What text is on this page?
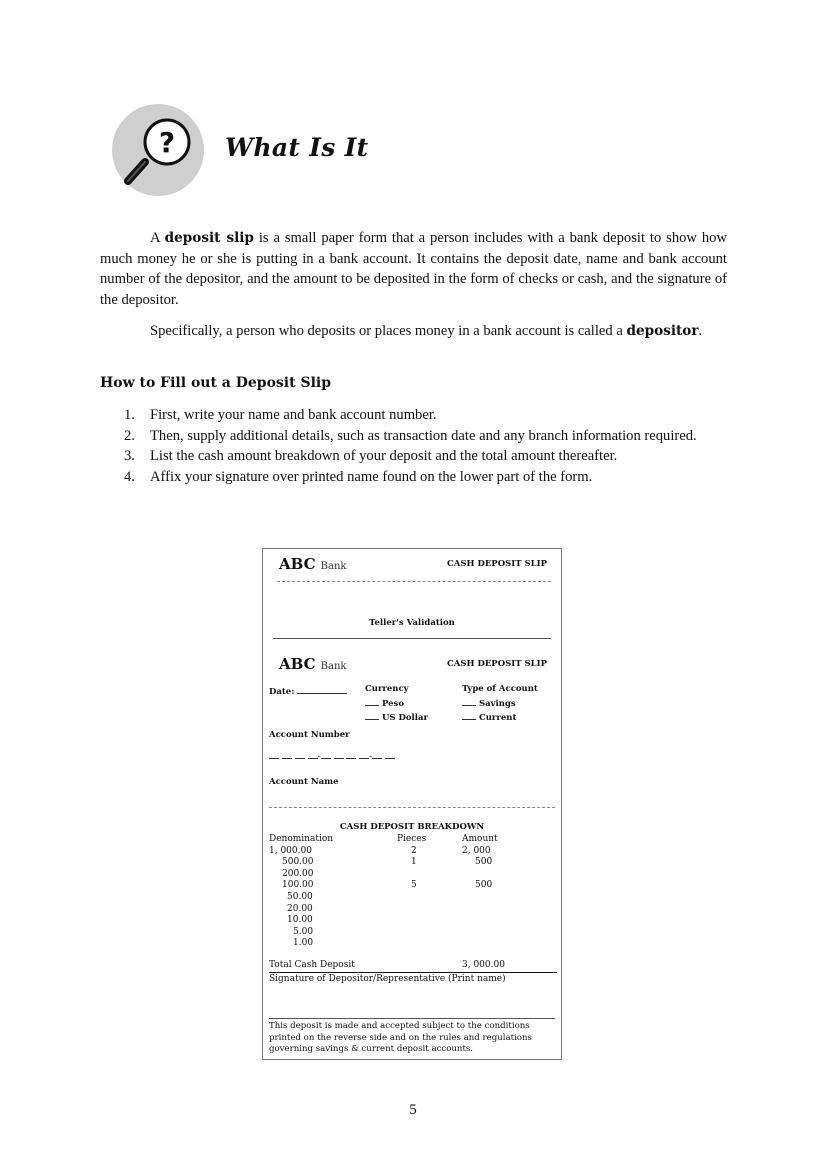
? What Is It
A deposit slip is a small paper form that a person includes with a bank deposit to show how much money he or she is putting in a bank account. It contains the deposit date, name and bank account number of the depositor, and the amount to be deposited in the form of checks or cash, and the signature of the depositor.
Specifically, a person who deposits or places money in a bank account is called a depositor.
How to Fill out a Deposit Slip
1. First, write your name and bank account number.
2. Then, supply additional details, such as transaction date and any branch information required.
3. List the cash amount breakdown of your deposit and the total amount thereafter.
4. Affix your signature over printed name found on the lower part of the form.
ABC Bank	CASH DEPOSIT SLIP
Teller's Validation
ABC Bank	CASH DEPOSIT SLIP
Date:	Currency
Peso
US Dollar
Type of Account
Savings
Current
Account Number
-	-
Account Name
CASH DEPOSIT BREAKDOWN
Denomination	Pieces	Amount
1, 000.00	2	2, 000
500.00	1	500
200.00
100.00	5	500
50.00
20.00
10.00
5.00
1.00
Total Cash Deposit	3, 000.00
Signature of Depositor/Representative (Print name)
This deposit is made and accepted subject to the conditions printed on the reverse side and on the rules and regulations governing savings & current deposit accounts.
5
